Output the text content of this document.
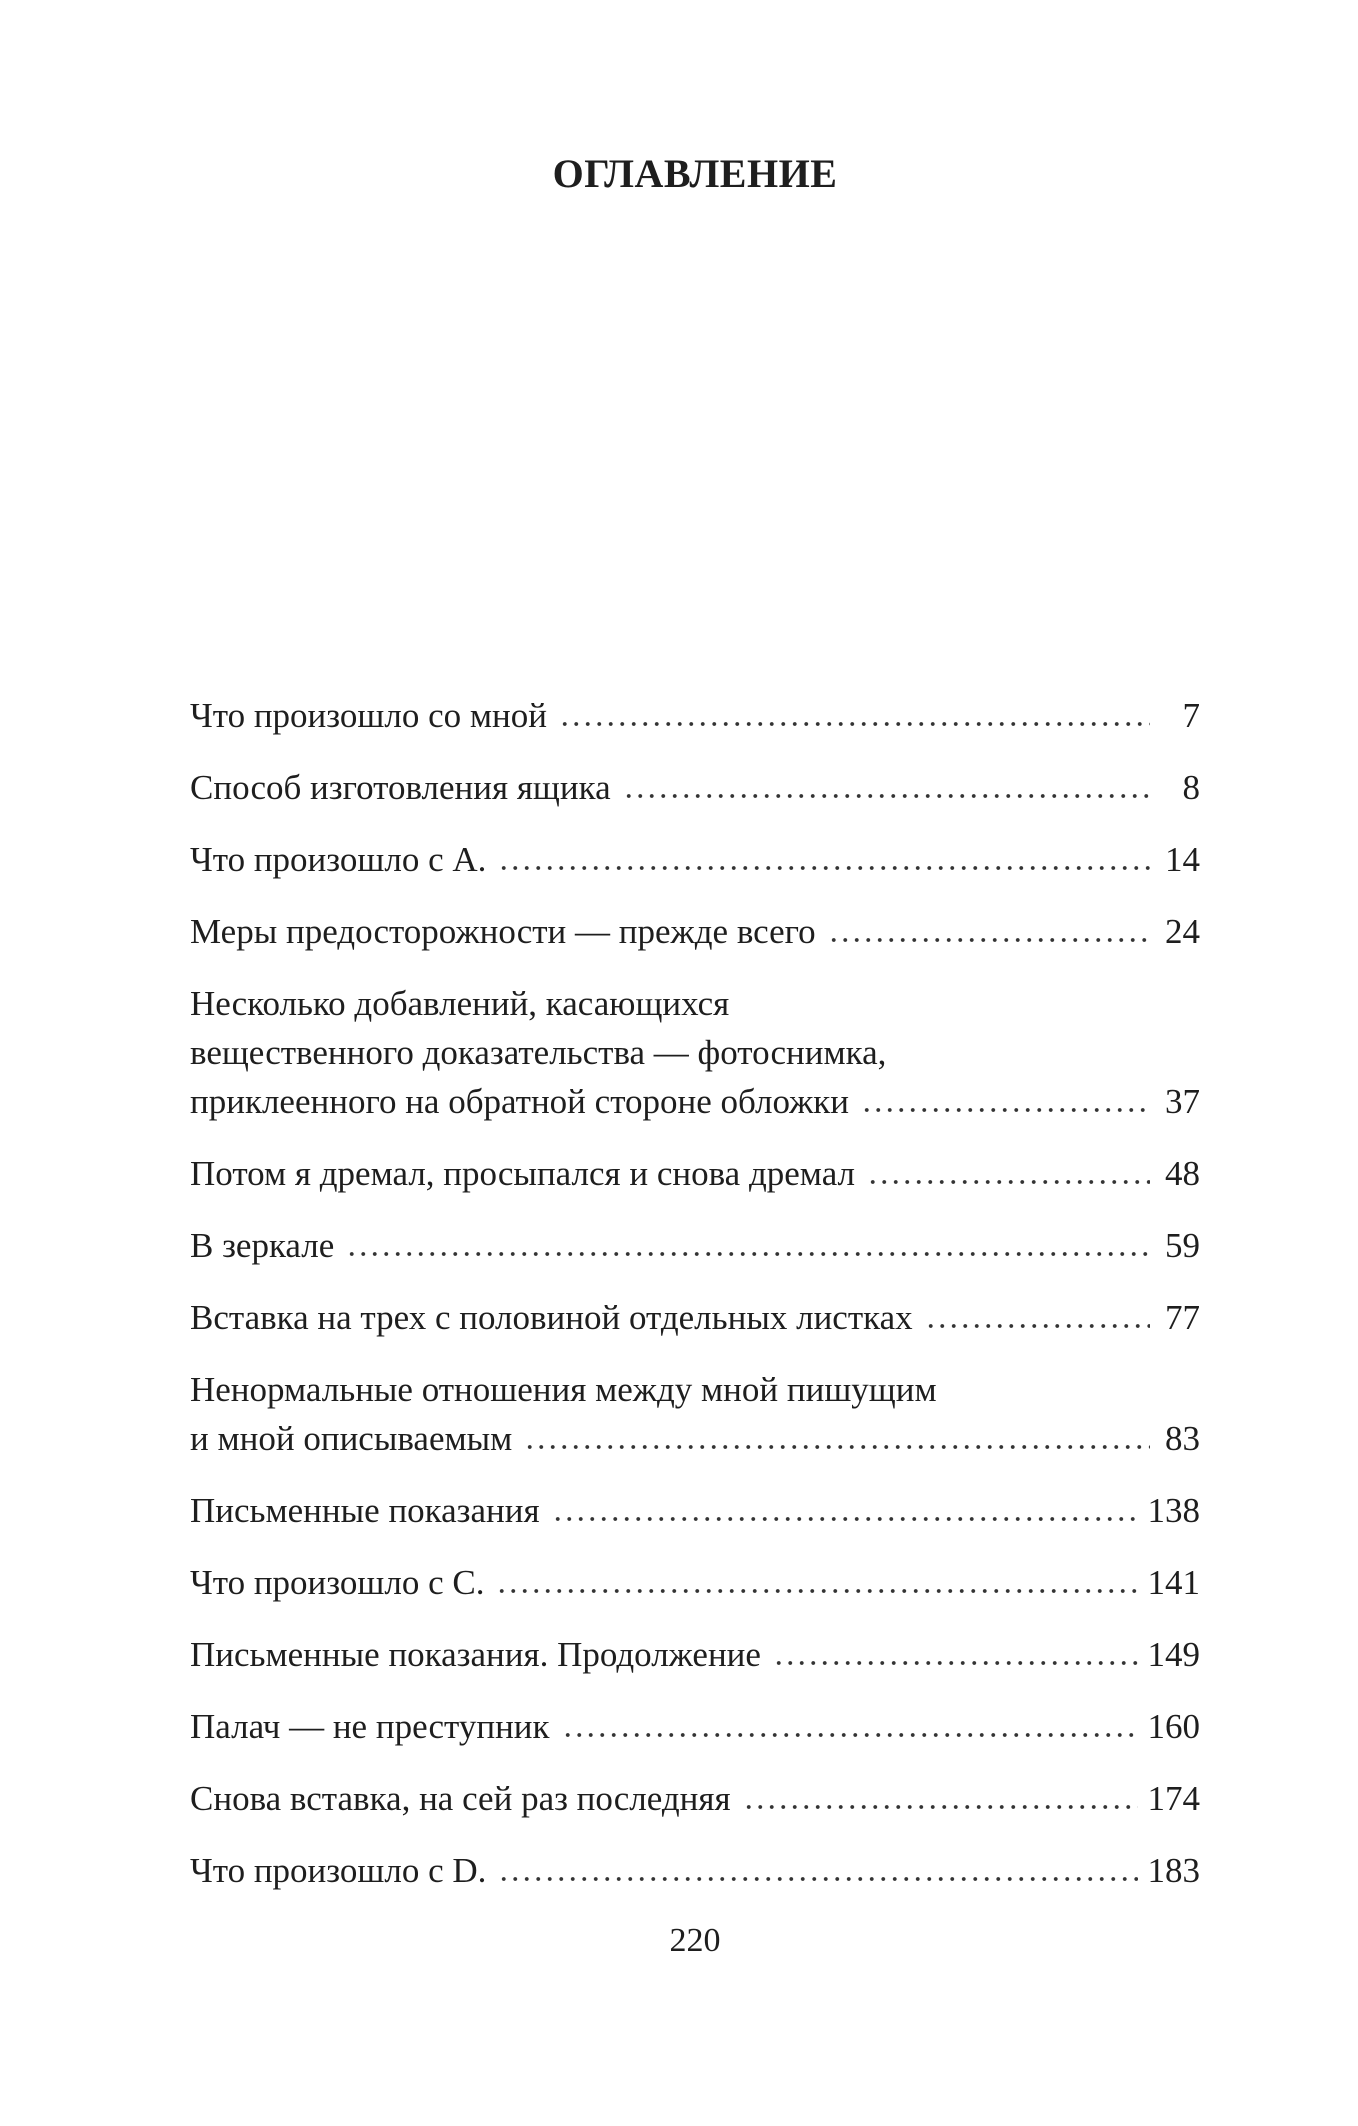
ОГЛАВЛЕНИЕ
Что произошло со мной	7
Способ изготовления ящика	8
Что произошло с А.	14
Меры предосторожности — прежде всего	24
Несколько добавлений, касающихся
вещественного доказательства — фотоснимка,
приклеенного на обратной стороне обложки	37
Потом я дремал, просыпался и снова дремал	48
В зеркале	59
Вставка на трех с половиной отдельных листках	77
Ненормальные отношения между мной пишущим
и мной описываемым	83
Письменные показания	138
Что произошло с С.	141
Письменные показания. Продолжение	149
Палач — не преступник	160
Снова вставка, на сей раз последняя	174
Что произошло с D.	183
220
